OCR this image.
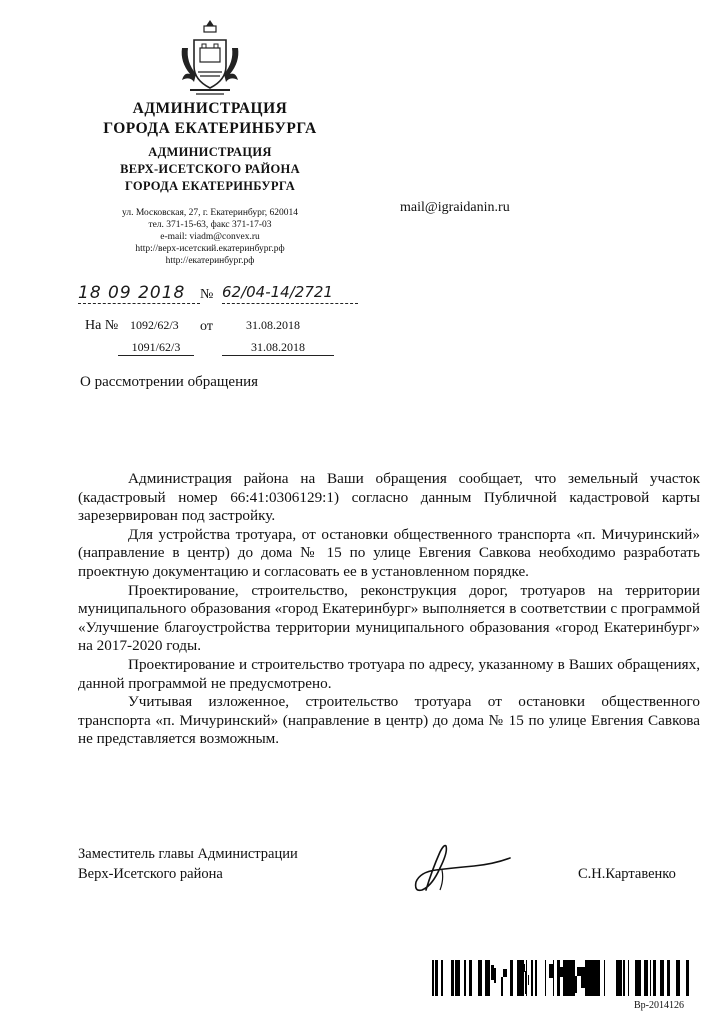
АДМИНИСТРАЦИЯ
ГОРОДА ЕКАТЕРИНБУРГА
АДМИНИСТРАЦИЯ
ВЕРХ-ИСЕТСКОГО РАЙОНА
ГОРОДА ЕКАТЕРИНБУРГА
ул. Московская, 27, г. Екатеринбург, 620014
тел. 371-15-63, факс 371-17-03
e-mail: viadm@convex.ru
http://верх-исетский.екатеринбург.рф
http://екатеринбург.рф
mail@igraidanin.ru
18 09 2018	№ 62/04-14/2721
На № 1092/62/3 от	31.08.2018
1091/62/3	31.08.2018
О рассмотрении обращения

Администрация района на Ваши обращения сообщает, что земельный участок (кадастровый номер 66:41:0306129:1) согласно данным Публичной кадастровой карты зарезервирован под застройку.

Для устройства тротуара, от остановки общественного транспорта «п. Мичуринский» (направление в центр) до дома № 15 по улице Евгения Савкова необходимо разработать проектную документацию и согласовать ее в установленном порядке.

Проектирование, строительство, реконструкция дорог, тротуаров на территории муниципального образования «город Екатеринбург» выполняется в соответствии с программой «Улучшение благоустройства территории муниципального образования «город Екатеринбург» на 2017-2020 годы.

Проектирование и строительство тротуара по адресу, указанному в Ваших обращениях, данной программой не предусмотрено.

Учитывая изложенное, строительство тротуара от остановки общественного транспорта «п. Мичуринский» (направление в центр) до дома № 15 по улице Евгения Савкова не представляется возможным.

Заместитель главы Администрации
Верх-Исетского района	С.Н.Картавенко
Вр-2014126
